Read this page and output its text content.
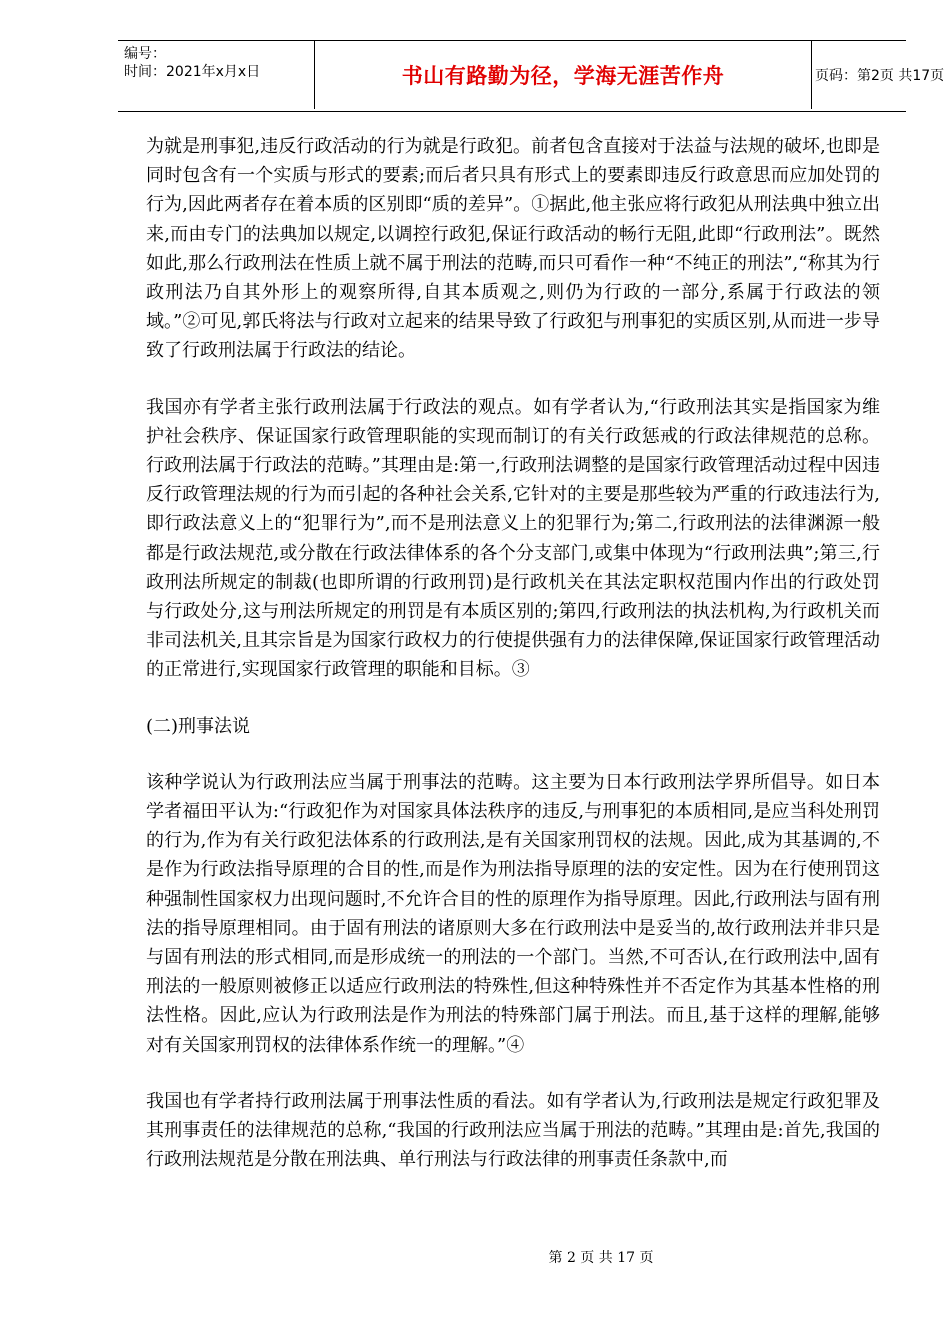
编号：
时间：2021年x月x日	书山有路勤为径，学海无涯苦作舟	页码：第2页 共17页

为就是刑事犯,违反行政活动的行为就是行政犯。前者包含直接对于法益与法规的破坏,也即是同时包含有一个实质与形式的要素;而后者只具有形式上的要素即违反行政意思而应加处罚的行为,因此两者存在着本质的区别即“质的差异”。①据此,他主张应将行政犯从刑法典中独立出来,而由专门的法典加以规定,以调控行政犯,保证行政活动的畅行无阻,此即“行政刑法”。既然如此,那么行政刑法在性质上就不属于刑法的范畴,而只可看作一种“不纯正的刑法”,“称其为行政刑法乃自其外形上的观察所得,自其本质观之,则仍为行政的一部分,系属于行政法的领域。”②可见,郭氏将法与行政对立起来的结果导致了行政犯与刑事犯的实质区别,从而进一步导致了行政刑法属于行政法的结论。

我国亦有学者主张行政刑法属于行政法的观点。如有学者认为,“行政刑法其实是指国家为维护社会秩序、保证国家行政管理职能的实现而制订的有关行政惩戒的行政法律规范的总称。行政刑法属于行政法的范畴。”其理由是:第一,行政刑法调整的是国家行政管理活动过程中因违反行政管理法规的行为而引起的各种社会关系,它针对的主要是那些较为严重的行政违法行为,即行政法意义上的“犯罪行为”,而不是刑法意义上的犯罪行为;第二,行政刑法的法律渊源一般都是行政法规范,或分散在行政法律体系的各个分支部门,或集中体现为“行政刑法典”;第三,行政刑法所规定的制裁(也即所谓的行政刑罚)是行政机关在其法定职权范围内作出的行政处罚与行政处分,这与刑法所规定的刑罚是有本质区别的;第四,行政刑法的执法机构,为行政机关而非司法机关,且其宗旨是为国家行政权力的行使提供强有力的法律保障,保证国家行政管理活动的正常进行,实现国家行政管理的职能和目标。③

(二)刑事法说

该种学说认为行政刑法应当属于刑事法的范畴。这主要为日本行政刑法学界所倡导。如日本学者福田平认为:“行政犯作为对国家具体法秩序的违反,与刑事犯的本质相同,是应当科处刑罚的行为,作为有关行政犯法体系的行政刑法,是有关国家刑罚权的法规。因此,成为其基调的,不是作为行政法指导原理的合目的性,而是作为刑法指导原理的法的安定性。因为在行使刑罚这种强制性国家权力出现问题时,不允许合目的性的原理作为指导原理。因此,行政刑法与固有刑法的指导原理相同。由于固有刑法的诸原则大多在行政刑法中是妥当的,故行政刑法并非只是与固有刑法的形式相同,而是形成统一的刑法的一个部门。当然,不可否认,在行政刑法中,固有刑法的一般原则被修正以适应行政刑法的特殊性,但这种特殊性并不否定作为其基本性格的刑法性格。因此,应认为行政刑法是作为刑法的特殊部门属于刑法。而且,基于这样的理解,能够对有关国家刑罚权的法律体系作统一的理解。”④

我国也有学者持行政刑法属于刑事法性质的看法。如有学者认为,行政刑法是规定行政犯罪及其刑事责任的法律规范的总称,“我国的行政刑法应当属于刑法的范畴。”其理由是:首先,我国的行政刑法规范是分散在刑法典、单行刑法与行政法律的刑事责任条款中,而

第 2 页 共 17 页
